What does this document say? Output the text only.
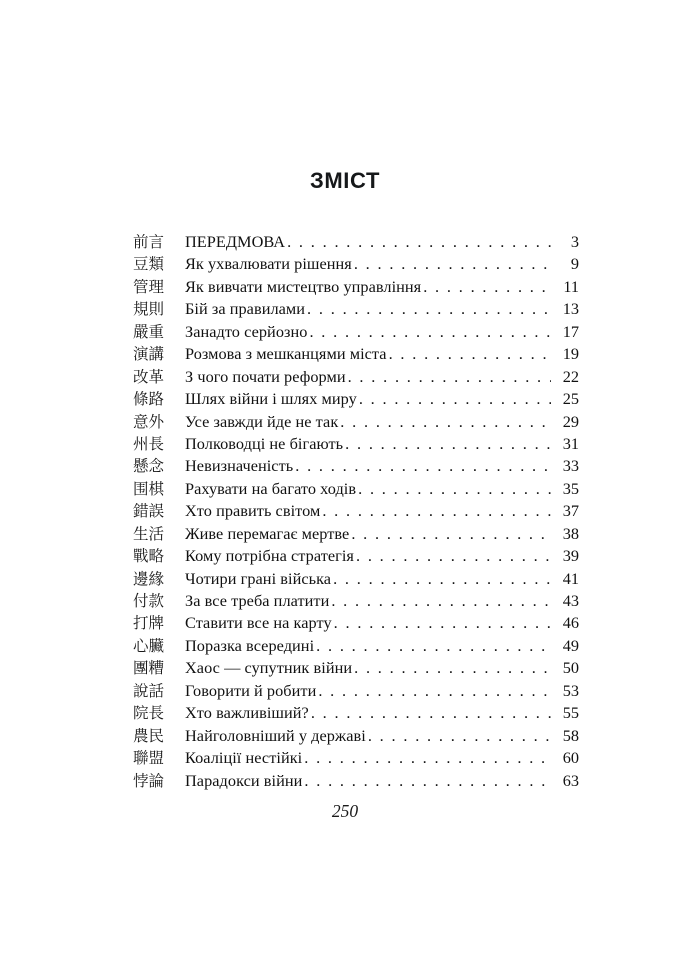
ЗМІСТ
前言	ПЕРЕДМОВА . . .	3
豆類	Як ухвалювати рішення . . .	9
管理	Як вивчати мистецтво управління . . .	11
規則	Бій за правилами . . .	13
嚴重	Занадто серйозно . . .	17
演講	Розмова з мешканцями міста . . .	19
改革	З чого почати реформи . . .	22
條路	Шлях війни і шлях миру . . .	25
意外	Усе завжди йде не так . . .	29
州長	Полководці не бігають . . .	31
懸念	Невизначеність . . .	33
围棋	Рахувати на багато ходів . . .	35
錯誤	Хто править світом . . .	37
生活	Живе перемагає мертве . . .	38
戰略	Кому потрібна стратегія . . .	39
邊緣	Чотири грані війська . . .	41
付款	За все треба платити . . .	43
打牌	Ставити все на карту . . .	46
心臟	Поразка всередині . . .	49
團糟	Хаос — супутник війни . . .	50
說話	Говорити й робити . . .	53
院長	Хто важливіший? . . .	55
農民	Найголовніший у державі . . .	58
聯盟	Коаліції нестійкі . . .	60
悖論	Парадокси війни . . .	63
250
